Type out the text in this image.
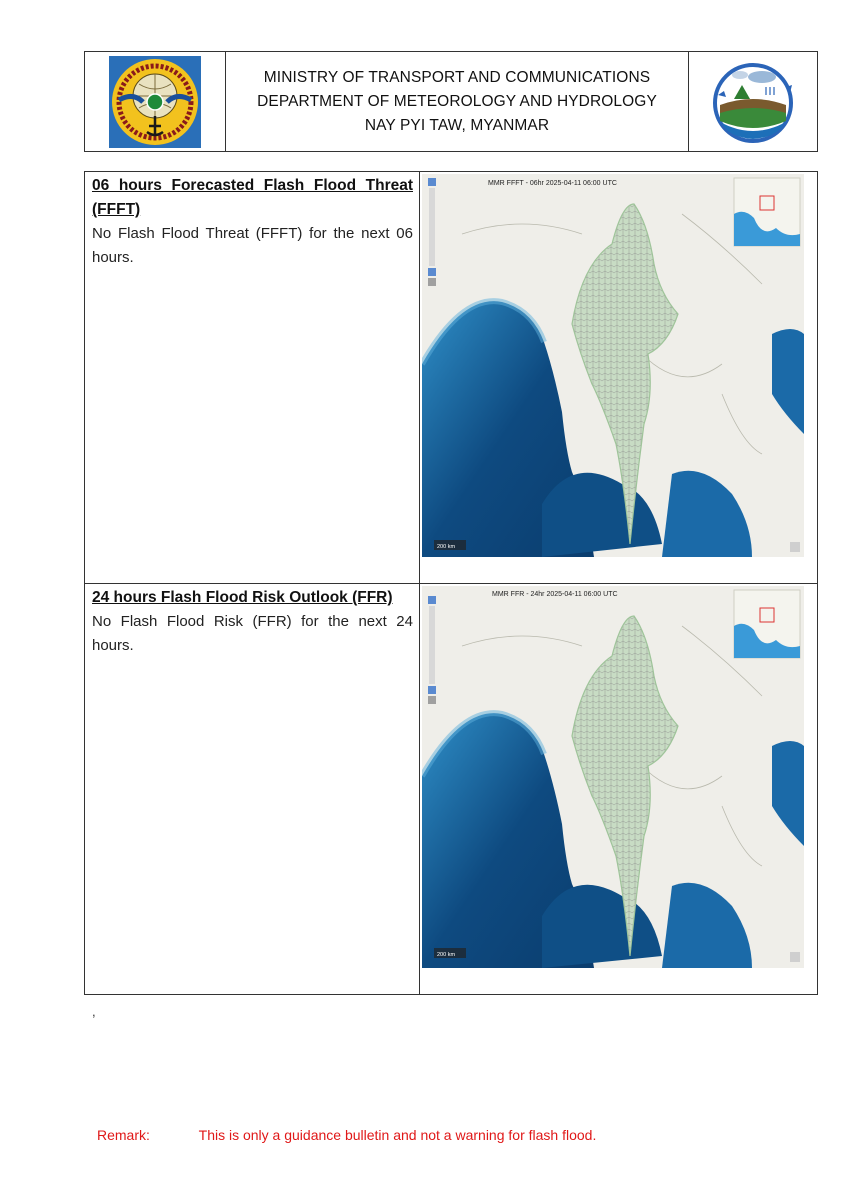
MINISTRY OF TRANSPORT AND COMMUNICATIONS
DEPARTMENT OF METEOROLOGY AND HYDROLOGY
NAY PYI TAW, MYANMAR
06 hours Forecasted Flash Flood Threat (FFFT)
No Flash Flood Threat (FFFT) for the next 06 hours.
MMR FFFT - 06hr 2025-04-11 06:00 UTC
200 km
24 hours Flash Flood Risk Outlook (FFR)
No Flash Flood Risk (FFR) for the next 24 hours.
MMR FFR - 24hr 2025-04-11 06:00 UTC
200 km
,
Remark:	This is only a guidance bulletin and not a warning for flash flood.
